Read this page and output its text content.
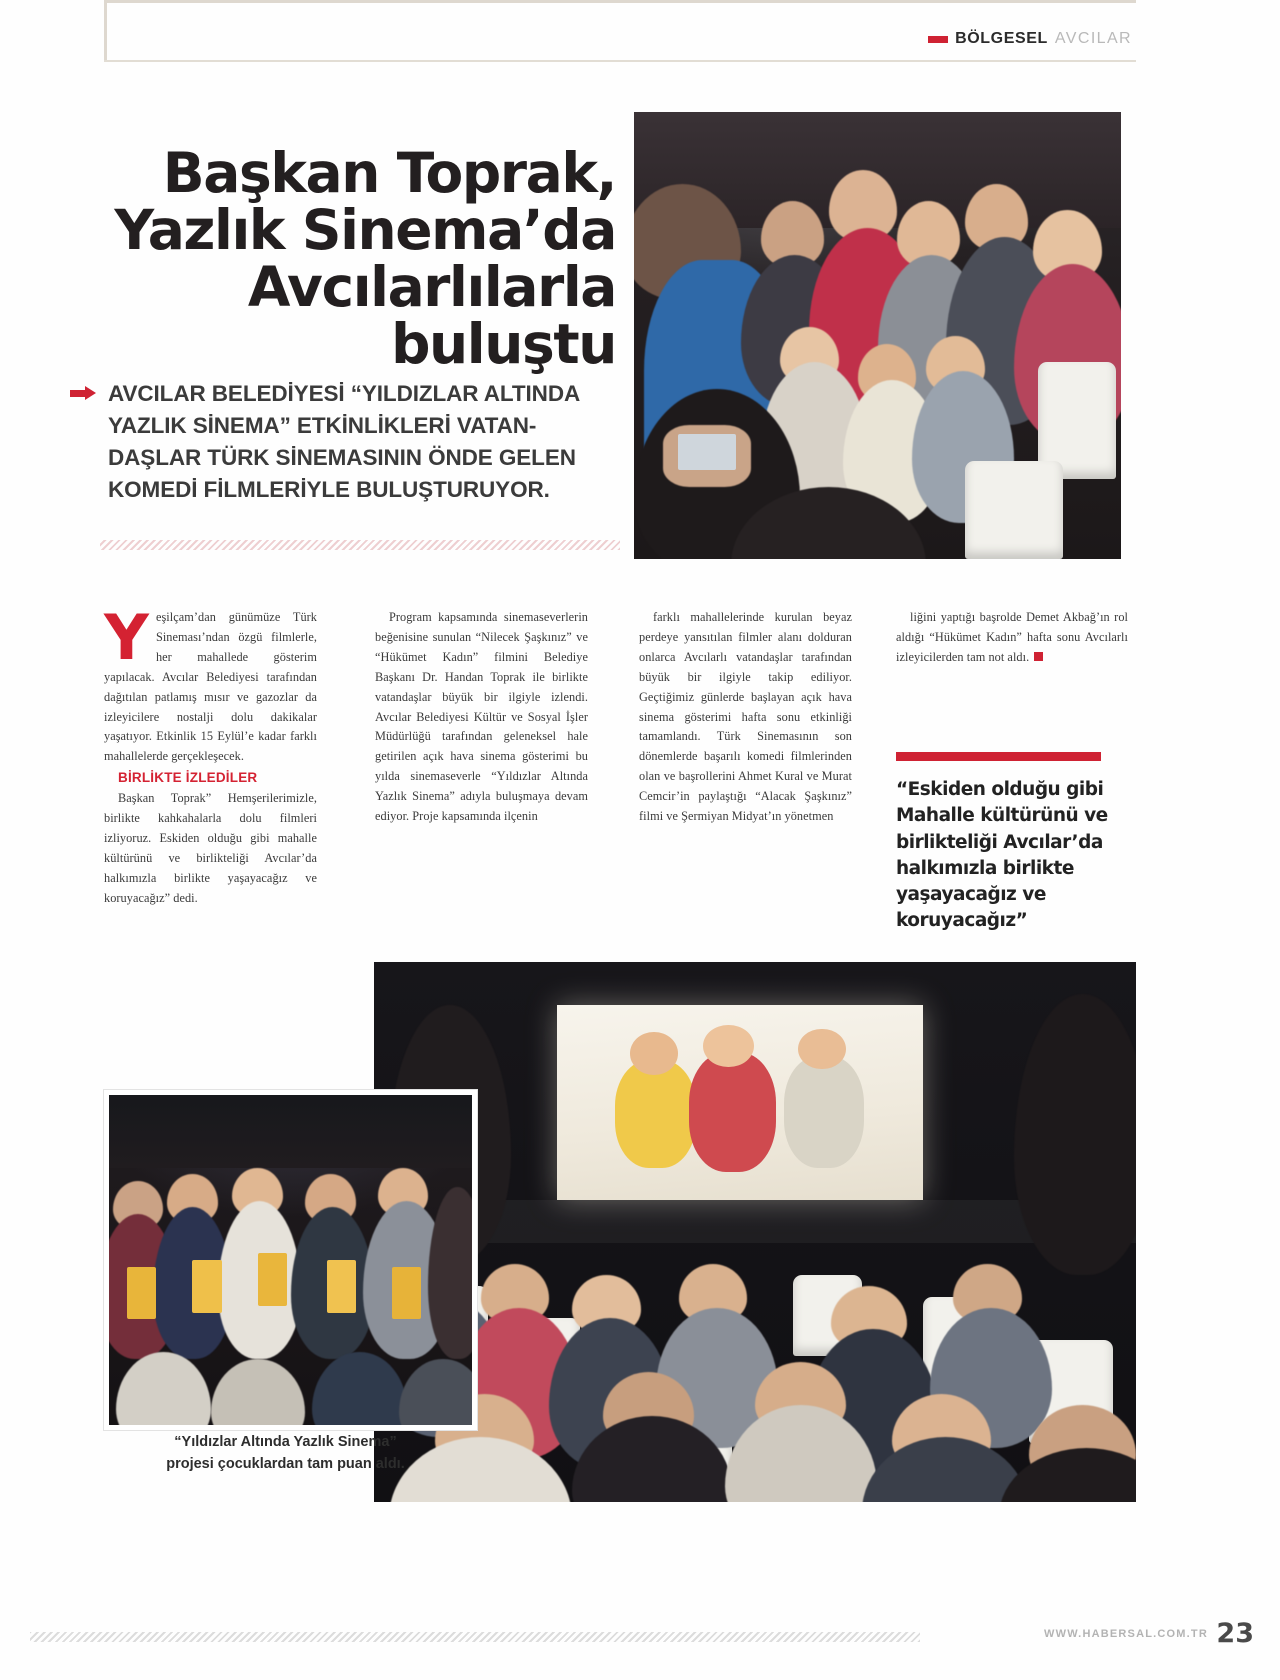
BÖLGESEL AVCILAR
Başkan Toprak,
Yazlık Sinema’da
Avcılarlılarla
buluştu
AVCILAR BELEDİYESİ “YILDIZLAR ALTINDA YAZLIK SİNEMA” ETKİNLİKLERİ VATANDAŞLAR TÜRK SİNEMASININ ÖNDE GELEN KOMEDİ FİLMLERİYLE BULUŞTURUYOR.

Yeşilçam’dan günümüze Türk Sineması’ndan özgü filmlerle, her mahallede gösterim yapılacak. Avcılar Belediyesi tarafından dağıtılan patlamış mısır ve gazozlar da izleyicilere nostalji dolu dakikalar yaşatıyor. Etkinlik 15 Eylül’e kadar farklı mahallelerde gerçekleşecek.

BİRLİKTE İZLEDİLER

Başkan Toprak” Hemşerilerimizle, birlikte kahkahalarla dolu filmleri izliyoruz. Eskiden olduğu gibi mahalle kültürünü ve birlikteliği Avcılar’da halkımızla birlikte yaşayacağız ve koruyacağız” dedi.

Program kapsamında sinemaseverlerin beğenisine sunulan “Nilecek Şaşkınız” ve “Hükümet Kadın” filmini Belediye Başkanı Dr. Handan Toprak ile birlikte vatandaşlar büyük bir ilgiyle izlendi. Avcılar Belediyesi Kültür ve Sosyal İşler Müdürlüğü tarafından geleneksel hale getirilen açık hava sinema gösterimi bu yılda sinemaseverle “Yıldızlar Altında Yazlık Sinema” adıyla buluşmaya devam ediyor. Proje kapsamında ilçenin

farklı mahallelerinde kurulan beyaz perdeye yansıtılan filmler alanı dolduran onlarca Avcılarlı vatandaşlar tarafından büyük bir ilgiyle takip ediliyor. Geçtiğimiz günlerde başlayan açık hava sinema gösterimi hafta sonu etkinliği tamamlandı. Türk Sinemasının son dönemlerde başarılı komedi filmlerinden olan ve başrollerini Ahmet Kural ve Murat Cemcir’in paylaştığı “Alacak Şaşkınız” filmi ve Şermiyan Midyat’ın yönetmen

liğini yaptığı başrolde Demet Akbağ’ın rol aldığı “Hükümet Kadın” hafta sonu Avcılarlı izleyicilerden tam not aldı.

“Eskiden olduğu gibi Mahalle kültürünü ve birlikteliği Avcılar’da halkımızla birlikte yaşayacağız ve koruyacağız”
“Yıldızlar Altında Yazlık Sinema”
projesi çocuklardan tam puan aldı.
WWW.HABERSAL.COM.TR 23
